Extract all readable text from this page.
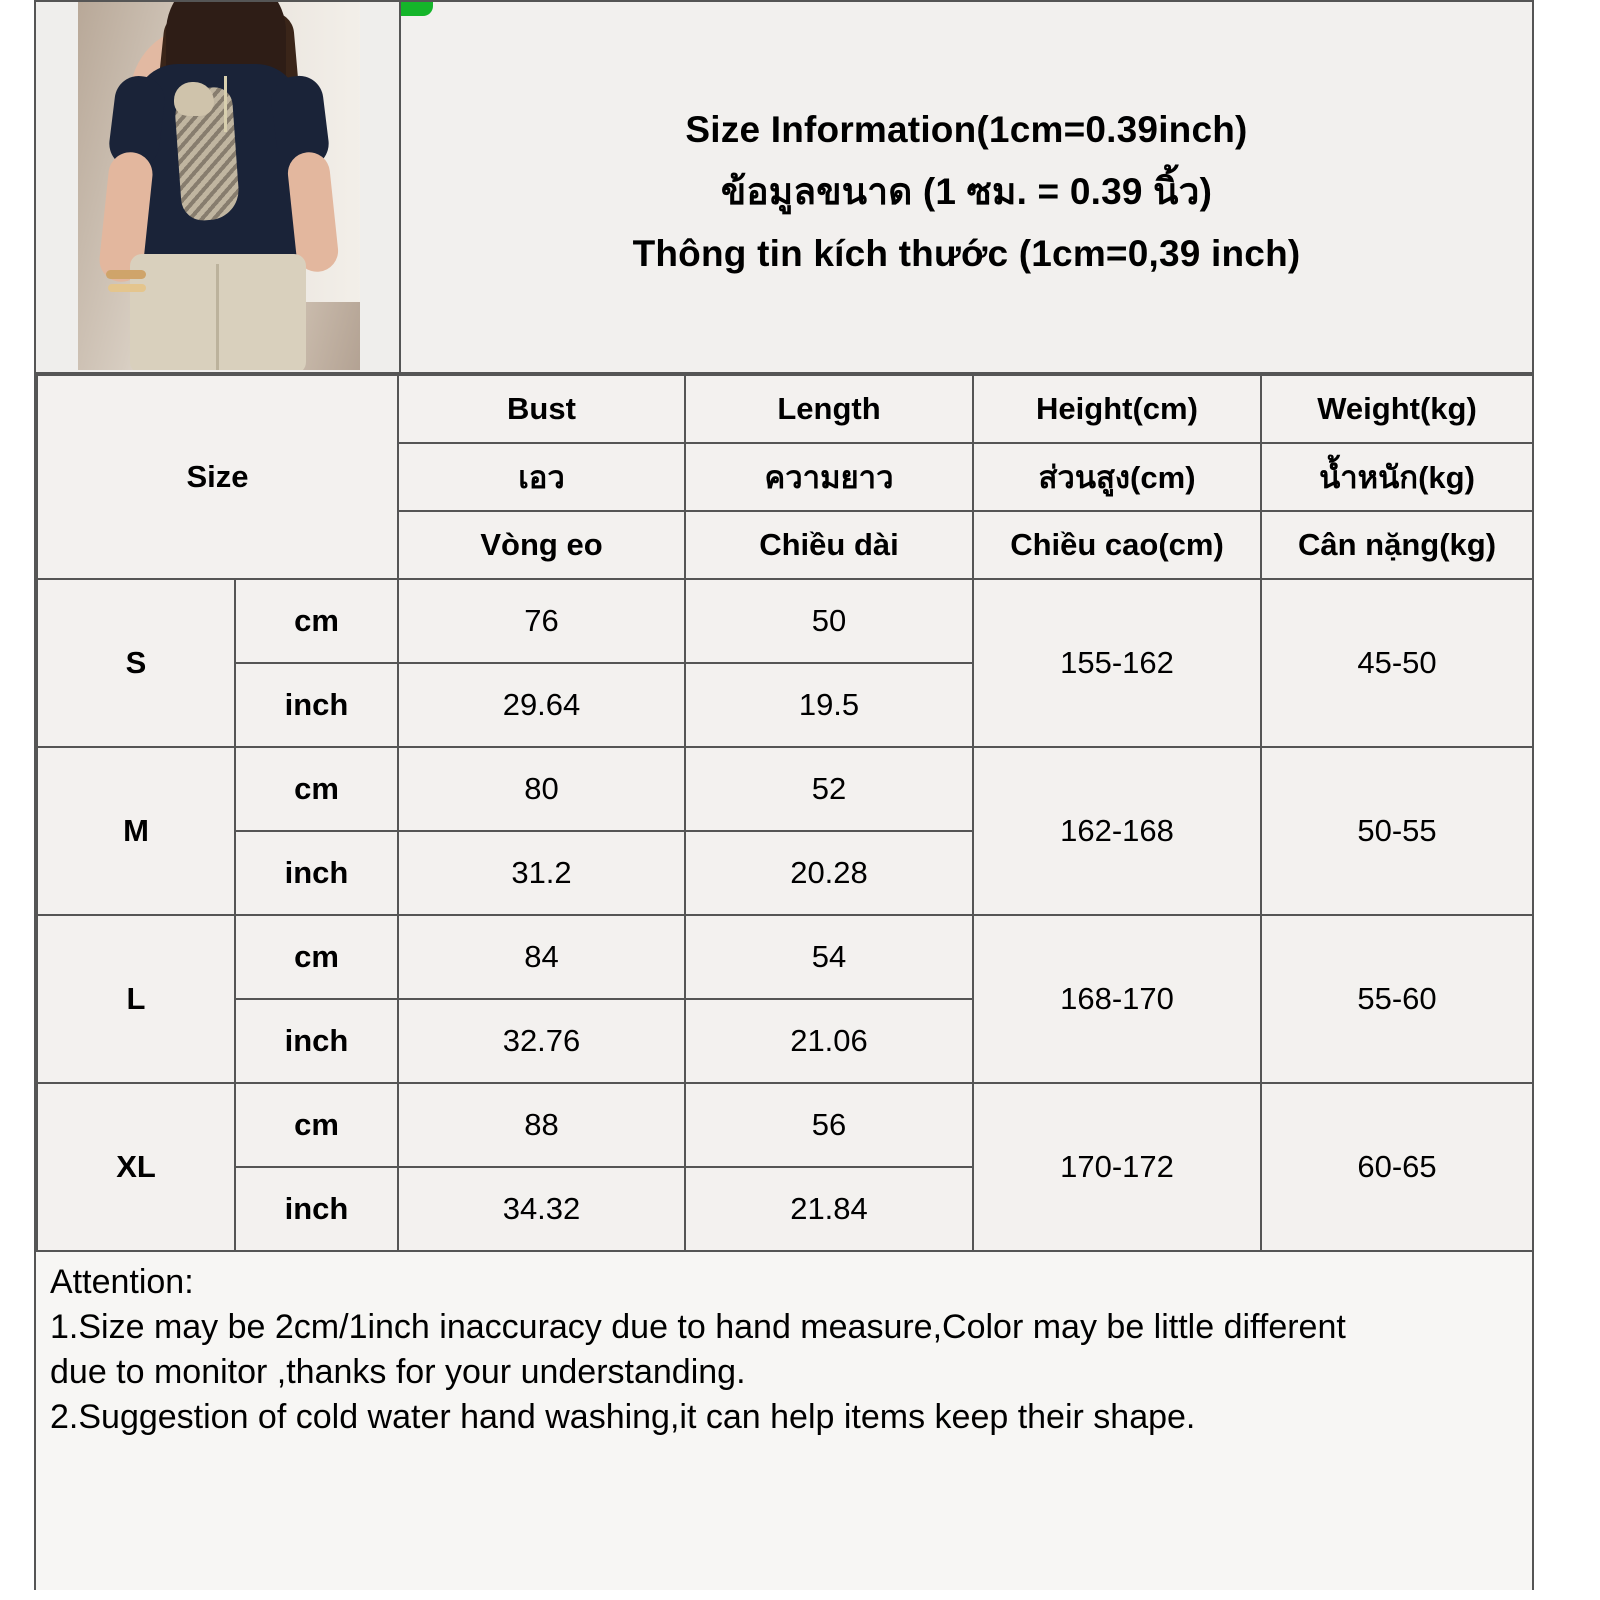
Size Information(1cm=0.39inch)
ข้อมูลขนาด (1 ซม. = 0.39 นิ้ว)
Thông tin kích thước (1cm=0,39 inch)
Size		Bust	Length	Height(cm)	Weight(kg)
		เอว	ความยาว	ส่วนสูง(cm)	น้ำหนัก(kg)
		Vòng eo	Chiều dài	Chiều cao(cm)	Cân nặng(kg)
S	cm	76	50	155-162	45-50
	inch	29.64	19.5		
M	cm	80	52	162-168	50-55
	inch	31.2	20.28		
L	cm	84	54	168-170	55-60
	inch	32.76	21.06		
XL	cm	88	56	170-172	60-65
	inch	34.32	21.84		

Attention:

1.Size may be 2cm/1inch inaccuracy due to hand measure,Color may be little different

due to monitor ,thanks for your understanding.

2.Suggestion of cold water hand washing,it can help items keep their shape.
